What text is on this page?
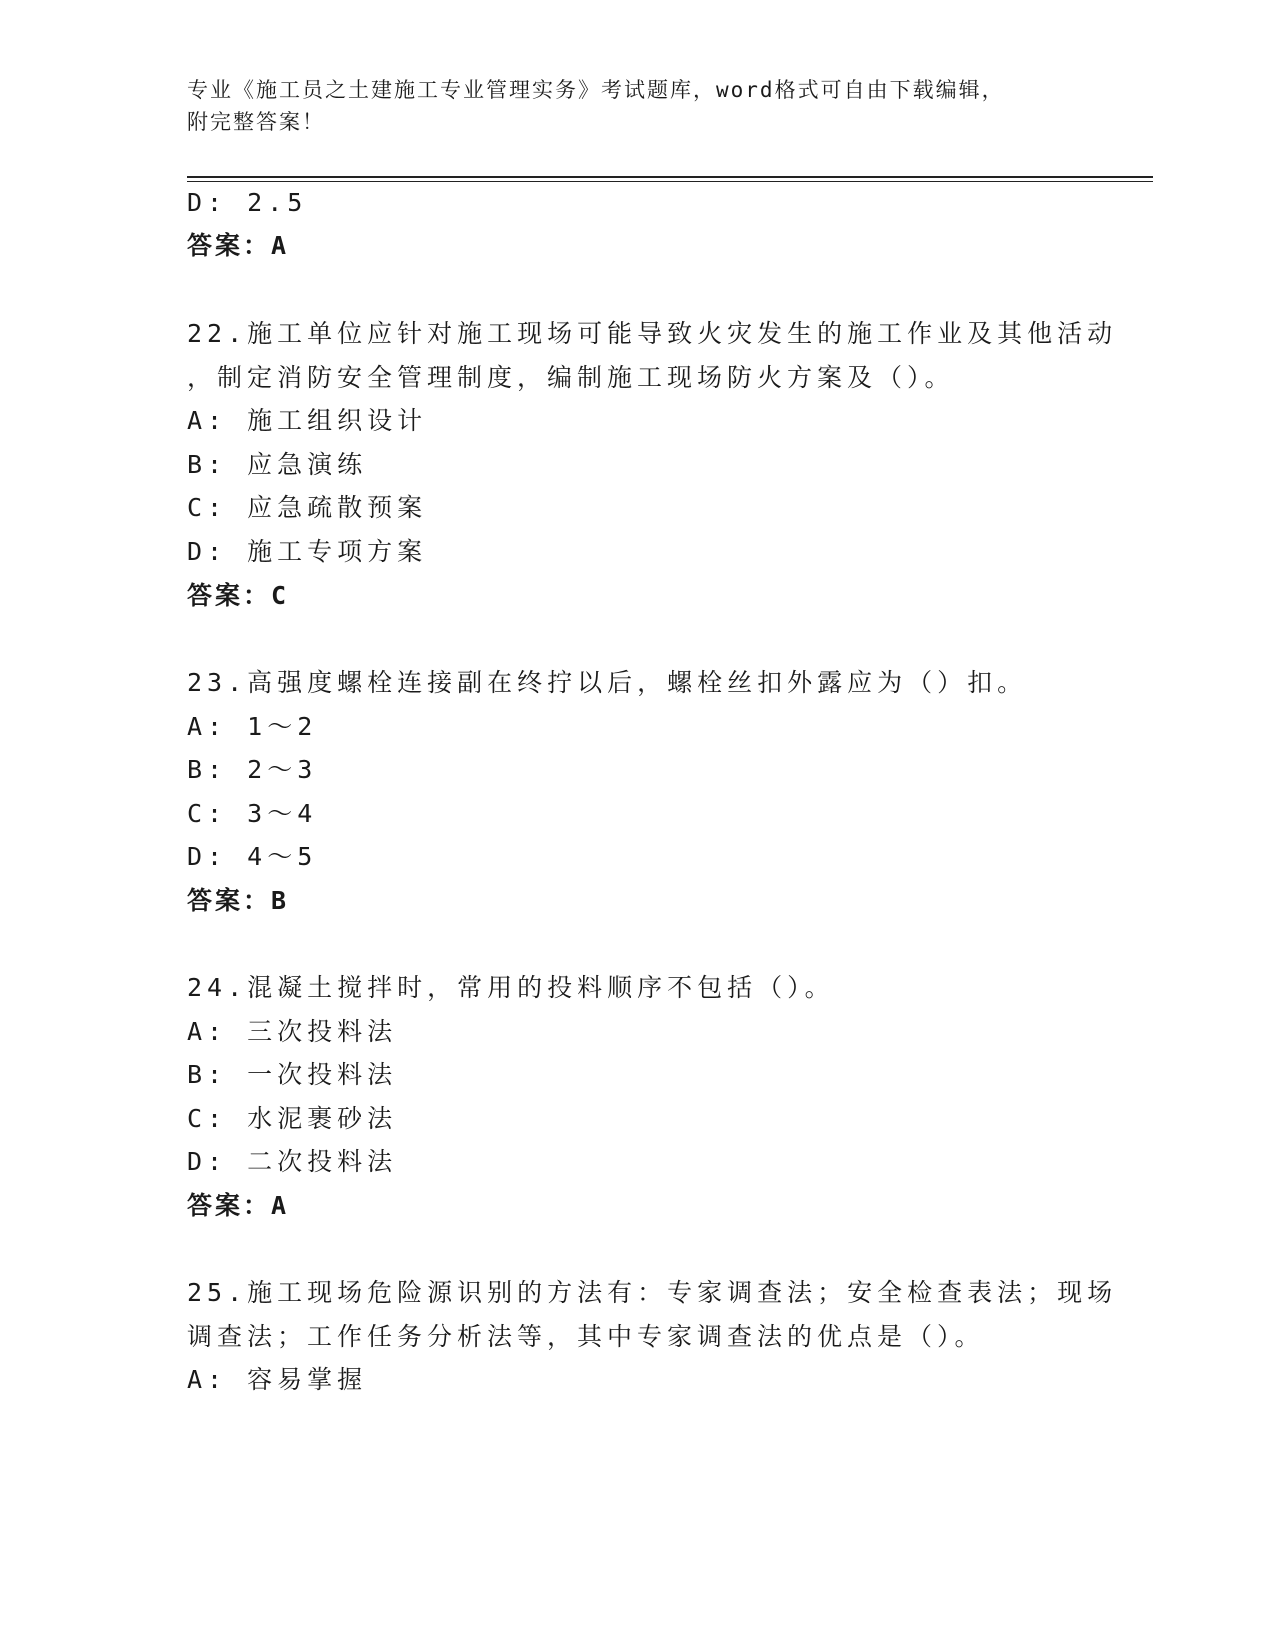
专业《施工员之土建施工专业管理实务》考试题库，word格式可自由下载编辑，
附完整答案！
D: 2.5
答案：A
22.施工单位应针对施工现场可能导致火灾发生的施工作业及其他活动
，制定消防安全管理制度，编制施工现场防火方案及（）。
A: 施工组织设计
B: 应急演练
C: 应急疏散预案
D: 施工专项方案
答案：C
23.高强度螺栓连接副在终拧以后，螺栓丝扣外露应为（）扣。
A: 1～2
B: 2～3
C: 3～4
D: 4～5
答案：B
24.混凝土搅拌时，常用的投料顺序不包括（）。
A: 三次投料法
B: 一次投料法
C: 水泥裹砂法
D: 二次投料法
答案：A
25.施工现场危险源识别的方法有：专家调查法；安全检查表法；现场
调查法；工作任务分析法等，其中专家调查法的优点是（）。
A: 容易掌握
